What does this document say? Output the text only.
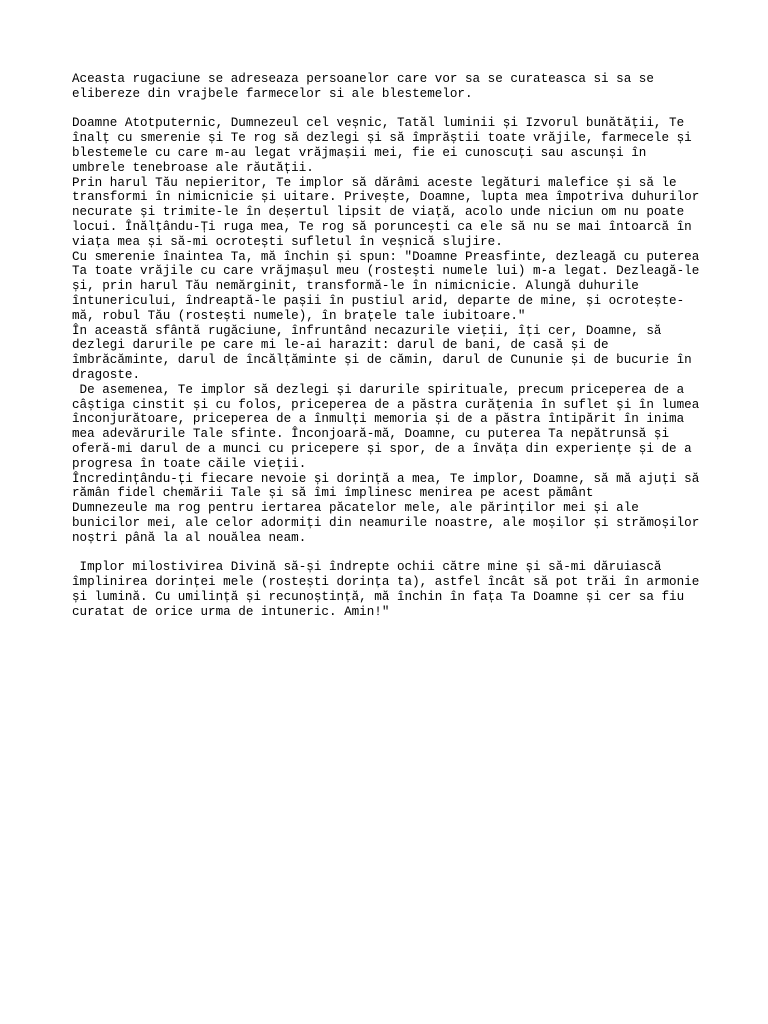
Aceasta rugaciune se adreseaza persoanelor care vor sa se curateasca si sa se
elibereze din vrajbele farmecelor si ale blestemelor.
Doamne Atotputernic, Dumnezeul cel veșnic, Tatăl luminii și Izvorul bunătății, Te
înalț cu smerenie și Te rog să dezlegi și să împrăștii toate vrăjile, farmecele și
blestemele cu care m-au legat vrăjmașii mei, fie ei cunoscuți sau ascunși în
umbrele tenebroase ale răutății.
Prin harul Tău nepieritor, Te implor să dărâmi aceste legături malefice și să le
transformi în nimicnicie și uitare. Privește, Doamne, lupta mea împotriva duhurilor
necurate și trimite-le în deșertul lipsit de viață, acolo unde niciun om nu poate
locui. Înălțându-Ți ruga mea, Te rog să poruncești ca ele să nu se mai întoarcă în
viața mea și să-mi ocrotești sufletul în veșnică slujire.
Cu smerenie înaintea Ta, mă închin și spun: "Doamne Preasfinte, dezleagă cu puterea
Ta toate vrăjile cu care vrăjmașul meu (rostești numele lui) m-a legat. Dezleagă-le
și, prin harul Tău nemărginit, transformă-le în nimicnicie. Alungă duhurile
întunericului, îndreaptă-le pașii în pustiul arid, departe de mine, și ocrotește-
mă, robul Tău (rostești numele), în brațele tale iubitoare."
În această sfântă rugăciune, înfruntând necazurile vieții, îți cer, Doamne, să
dezlegi darurile pe care mi le-ai harazit: darul de bani, de casă și de
îmbrăcăminte, darul de încălțăminte și de cămin, darul de Cununie și de bucurie în
dragoste.
De asemenea, Te implor să dezlegi și darurile spirituale, precum priceperea de a
câștiga cinstit și cu folos, priceperea de a păstra curățenia în suflet și în lumea
înconjurătoare, priceperea de a înmulți memoria și de a păstra întipărit în inima
mea adevărurile Tale sfinte. Înconjoară-mă, Doamne, cu puterea Ta nepătrunsă și
oferă-mi darul de a munci cu pricepere și spor, de a învăța din experiențe și de a
progresa în toate căile vieții.
Încredințându-ți fiecare nevoie și dorință a mea, Te implor, Doamne, să mă ajuți să
rămân fidel chemării Tale și să îmi împlinesc menirea pe acest pământ
Dumnezeule ma rog pentru iertarea păcatelor mele, ale părinților mei și ale
bunicilor mei, ale celor adormiți din neamurile noastre, ale moșilor și strămoșilor
noștri până la al nouălea neam.
Implor milostivirea Divină să-și îndrepte ochii către mine și să-mi dăruiască
împlinirea dorinței mele (rostești dorința ta), astfel încât să pot trăi în armonie
și lumină. Cu umilință și recunoștință, mă închin în fața Ta Doamne și cer sa fiu
curatat de orice urma de intuneric. Amin!"
